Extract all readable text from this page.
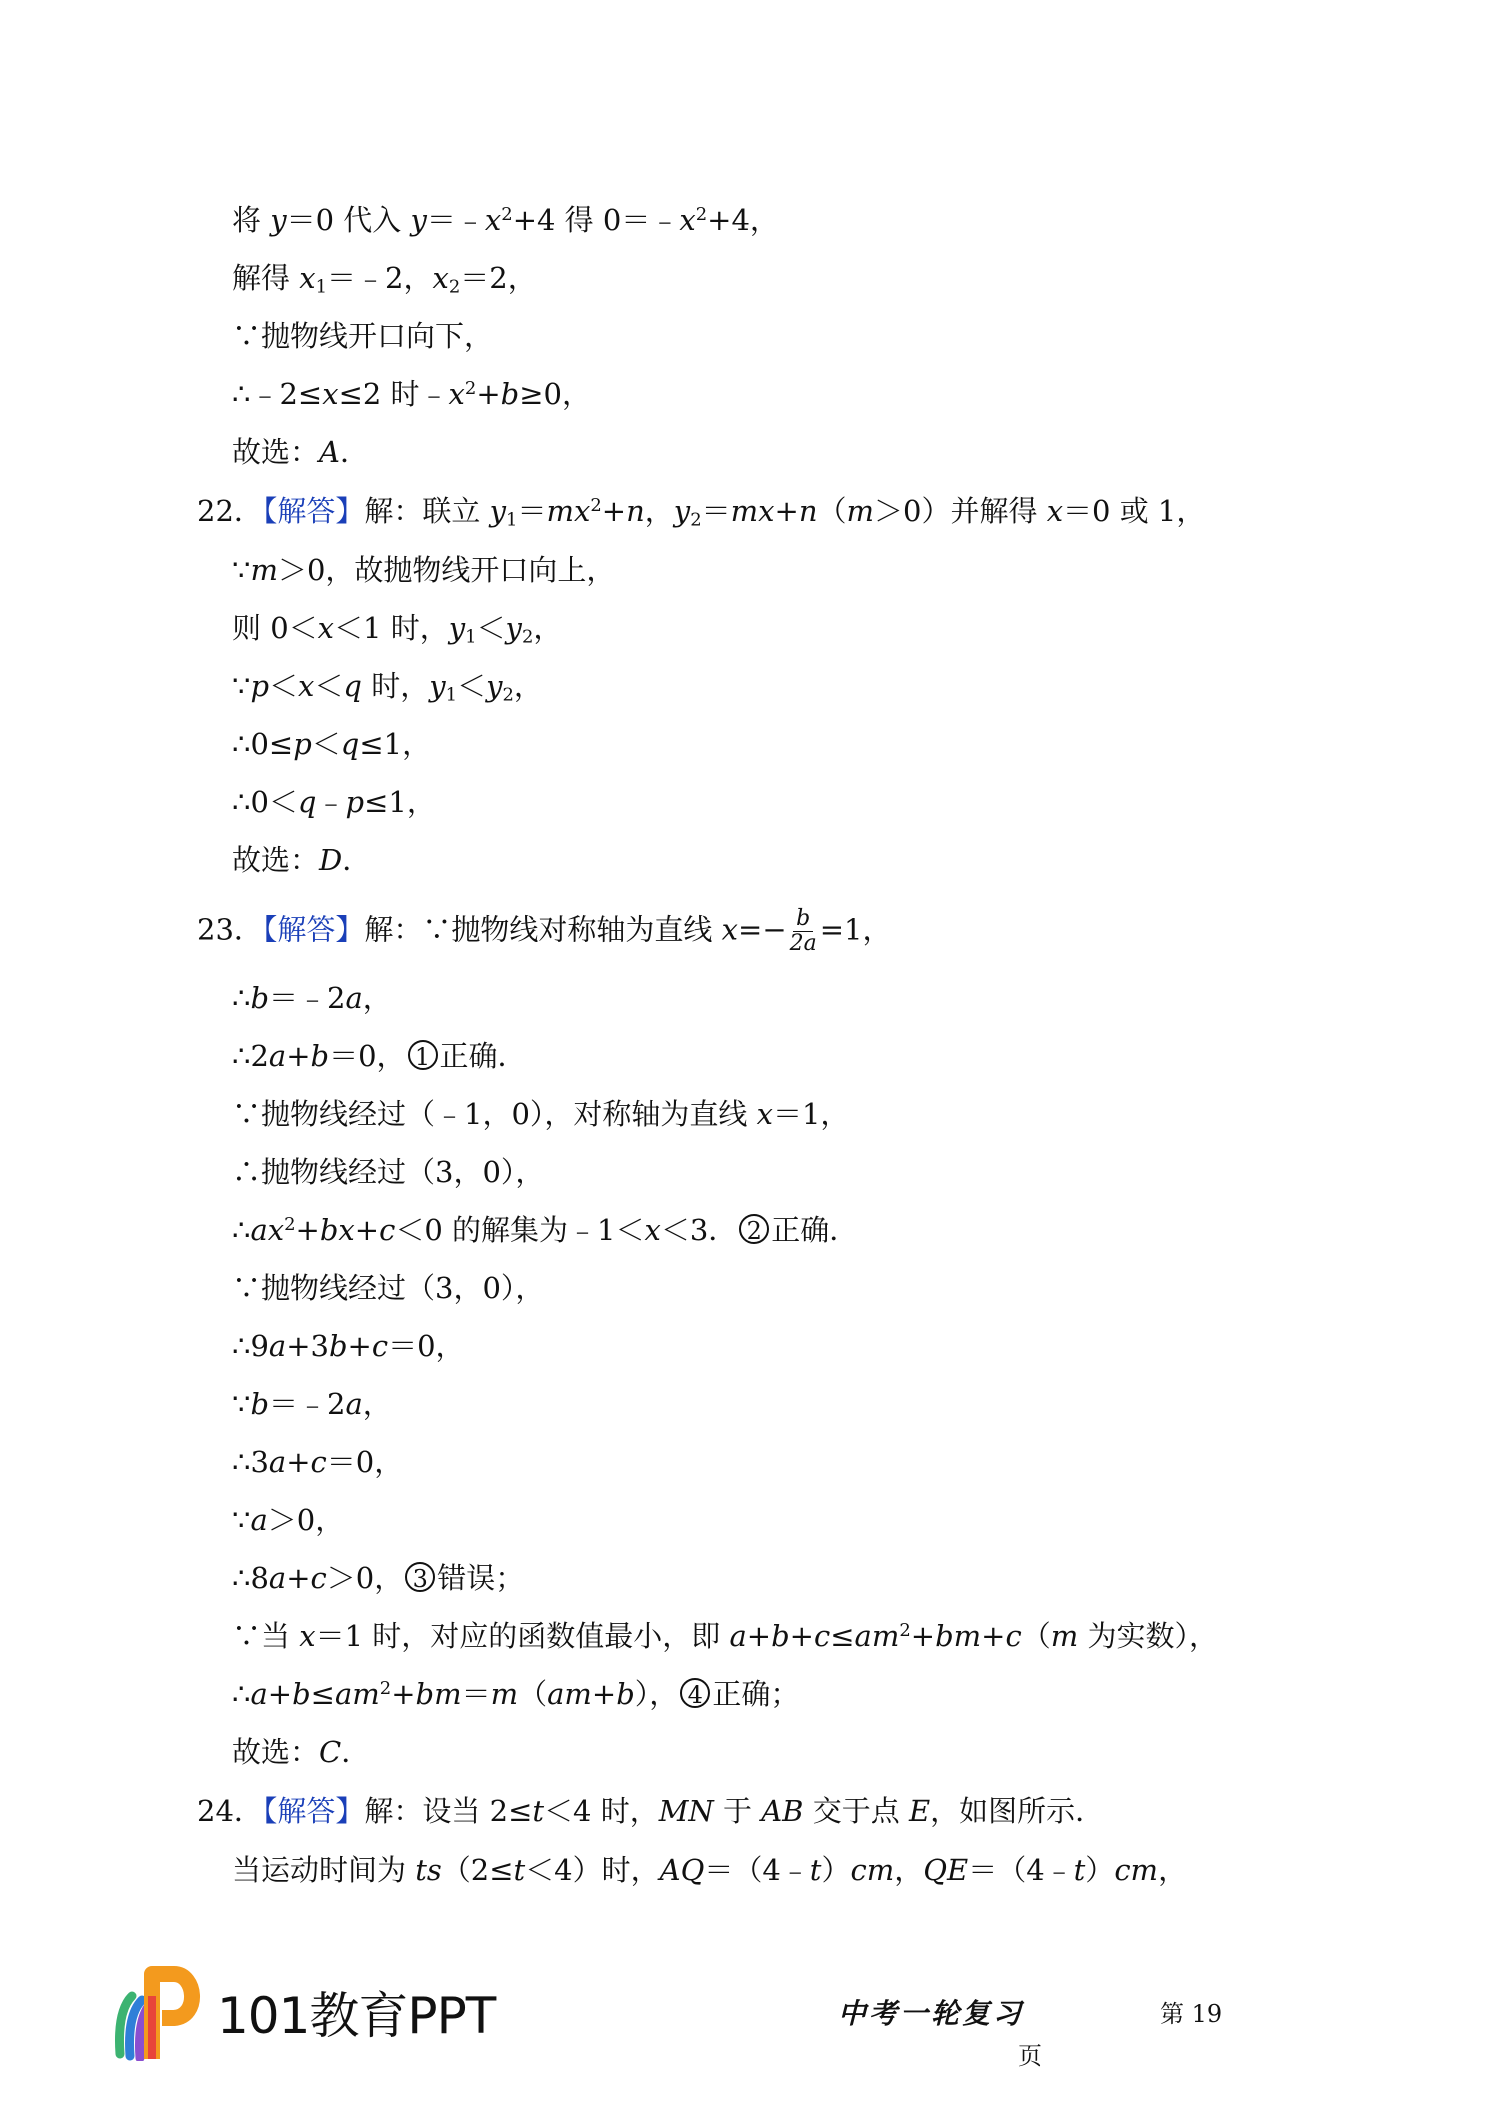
将 y＝0 代入 $y=﹣x^2+4$ 得 $0=﹣x^2+4$，
解得 $x_1=﹣2$，$x_2=2$，
∵抛物线开口向下，
∴﹣2≤x≤2 时$﹣x^2+b\ge 0$，
故选：A．
22．【解答】解：联立 $y_1=mx^2+n$，$y_2=mx+n(m>0)$并解得 x＝0 或 1，
∵m＞0，故抛物线开口向上，
则 0＜x＜1 时，$y_1<y_2$，
∵p＜x＜q 时，$y_1<y_2$，
∴0≤p＜q≤1，
∴0＜q﹣p≤1，
故选：D．
23．【解答】解：∵抛物线对称轴为直线 $x=- \frac{b}{2a} =1$，
∴b＝﹣2a，
∴2a+b＝0， 1 正确．
∵抛物线经过（﹣1，0），对称轴为直线 x＝1，
∴抛物线经过（3，0），
$\therefore ax^2+bx+c<0$ 的解集为﹣1＜x＜3． 2 正确．
∵抛物线经过（3，0），
∴9a+3b+c＝0，
∵b＝﹣2a，
∴3a+c＝0，
∵a＞0，
∴8a+c＞0， 3 错误；
∵当 x＝1 时，对应的函数值最小，即 $a+b+c\le am^2+bm+c(m$ 为实数），
$\therefore a+b\le am^2+bm=m(am+b)$， 4 正确；
故选：C．
24．【解答】解：设当 2≤t＜4 时，MN 于 AB 交于点 E，如图所示．
当运动时间为 ts（2≤t＜4）时，AQ＝（4﹣t）cm，QE＝（4﹣t）cm，
101教育PPT	中考一轮复习	第 19
页
